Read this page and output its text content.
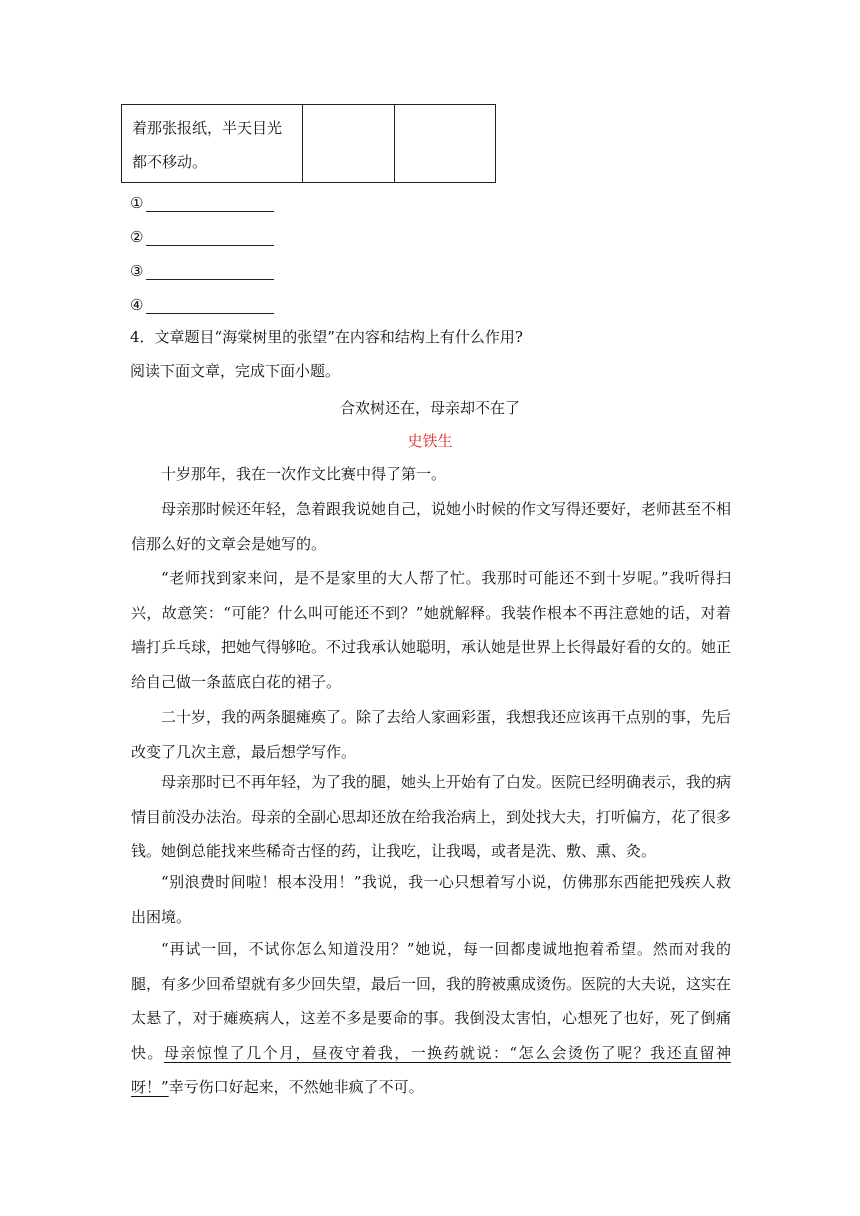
着那张报纸，半天目光都不移动。		
①
②
③
④
4．文章题目“海棠树里的张望”在内容和结构上有什么作用?
阅读下面文章，完成下面小题。
合欢树还在，母亲却不在了
史铁生

十岁那年，我在一次作文比赛中得了第一。

母亲那时候还年轻，急着跟我说她自己，说她小时候的作文写得还要好，老师甚至不相信那么好的文章会是她写的。

“老师找到家来问，是不是家里的大人帮了忙。我那时可能还不到十岁呢。”我听得扫兴，故意笑：“可能？什么叫可能还不到？”她就解释。我装作根本不再注意她的话，对着墙打乒乓球，把她气得够呛。不过我承认她聪明，承认她是世界上长得最好看的女的。她正给自己做一条蓝底白花的裙子。

二十岁，我的两条腿瘫痪了。除了去给人家画彩蛋，我想我还应该再干点别的事，先后改变了几次主意，最后想学写作。

母亲那时已不再年轻，为了我的腿，她头上开始有了白发。医院已经明确表示，我的病情目前没办法治。母亲的全副心思却还放在给我治病上，到处找大夫，打听偏方，花了很多钱。她倒总能找来些稀奇古怪的药，让我吃，让我喝，或者是洗、敷、熏、灸。

“别浪费时间啦！根本没用！”我说，我一心只想着写小说，仿佛那东西能把残疾人救出困境。

“再试一回，不试你怎么知道没用？”她说，每一回都虔诚地抱着希望。然而对我的腿，有多少回希望就有多少回失望，最后一回，我的胯被熏成烫伤。医院的大夫说，这实在太悬了，对于瘫痪病人，这差不多是要命的事。我倒没太害怕，心想死了也好，死了倒痛快。母亲惊惶了几个月，昼夜守着我，一换药就说：“怎么会烫伤了呢？我还直留神呀！”幸亏伤口好起来，不然她非疯了不可。
